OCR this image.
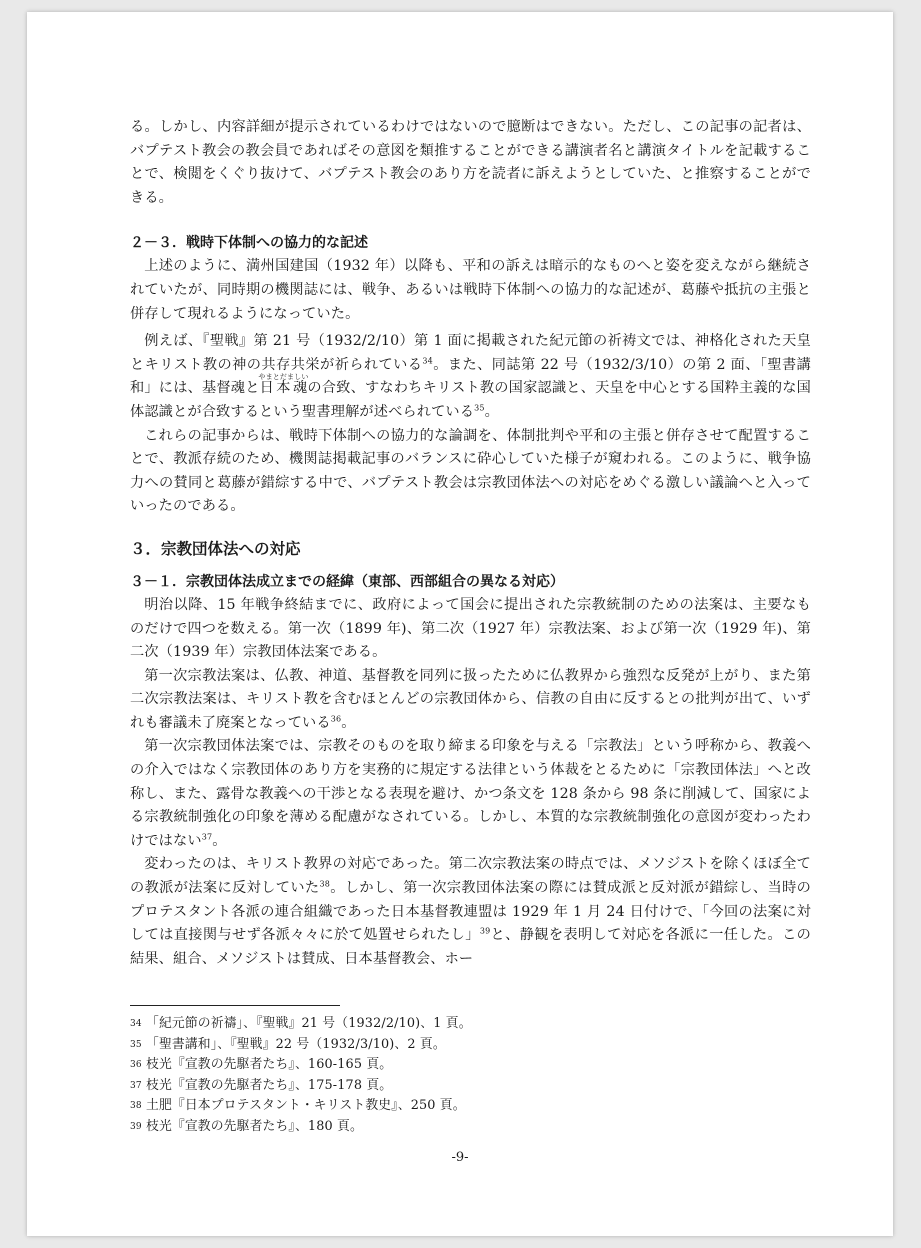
る。しかし、内容詳細が提示されているわけではないので臆断はできない。ただし、この記事の記者は、バプテスト教会の教会員であればその意図を類推することができる講演者名と講演タイトルを記載することで、検閲をくぐり抜けて、バプテスト教会のあり方を読者に訴えようとしていた、と推察することができる。

２－３．戦時下体制への協力的な記述

上述のように、満州国建国（1932 年）以降も、平和の訴えは暗示的なものへと姿を変えながら継続されていたが、同時期の機関誌には、戦争、あるいは戦時下体制への協力的な記述が、葛藤や抵抗の主張と併存して現れるようになっていた。

例えば、『聖戦』第 21 号（1932/2/10）第 1 面に掲載された紀元節の祈祷文では、神格化された天皇とキリスト教の神の共存共栄が祈られている$^{34}$。また、同誌第 22 号（1932/3/10）の第 2 面、「聖書講和」には、基督魂と日本魂やまとだましいの合致、すなわちキリスト教の国家認識と、天皇を中心とする国粋主義的な国体認識とが合致するという聖書理解が述べられている$^{35}$。

これらの記事からは、戦時下体制への協力的な論調を、体制批判や平和の主張と併存させて配置することで、教派存続のため、機関誌掲載記事のバランスに砕心していた様子が窺われる。このように、戦争協力への賛同と葛藤が錯綜する中で、バプテスト教会は宗教団体法への対応をめぐる激しい議論へと入っていったのである。

３．宗教団体法への対応
３－１．宗教団体法成立までの経緯（東部、西部組合の異なる対応）

明治以降、15 年戦争終結までに、政府によって国会に提出された宗教統制のための法案は、主要なものだけで四つを数える。第一次（1899 年)、第二次（1927 年）宗教法案、および第一次（1929 年)、第二次（1939 年）宗教団体法案である。

第一次宗教法案は、仏教、神道、基督教を同列に扱ったために仏教界から強烈な反発が上がり、また第二次宗教法案は、キリスト教を含むほとんどの宗教団体から、信教の自由に反するとの批判が出て、いずれも審議未了廃案となっている$^{36}$。

第一次宗教団体法案では、宗教そのものを取り締まる印象を与える「宗教法」という呼称から、教義への介入ではなく宗教団体のあり方を実務的に規定する法律という体裁をとるために「宗教団体法」へと改称し、また、露骨な教義への干渉となる表現を避け、かつ条文を 128 条から 98 条に削減して、国家による宗教統制強化の印象を薄める配慮がなされている。しかし、本質的な宗教統制強化の意図が変わったわけではない$^{37}$。

変わったのは、キリスト教界の対応であった。第二次宗教法案の時点では、メソジストを除くほぼ全ての教派が法案に反対していた$^{38}$。しかし、第一次宗教団体法案の際には賛成派と反対派が錯綜し、当時のプロテスタント各派の連合組織であった日本基督教連盟は 1929 年 1 月 24 日付けで、「今回の法案に対しては直接関与せず各派々々に於て処置せられたし」$^{39}$と、静観を表明して対応を各派に一任した。この結果、組合、メソジストは賛成、日本基督教会、ホー

34 「紀元節の祈禱」、『聖戦』21 号（1932/2/10)、1 頁。

35 「聖書講和」、『聖戦』22 号（1932/3/10)、2 頁。

36 枝光『宣教の先駆者たち』、160-165 頁。

37 枝光『宣教の先駆者たち』、175-178 頁。

38 土肥『日本プロテスタント・キリスト教史』、250 頁。

39 枝光『宣教の先駆者たち』、180 頁。

-9-
